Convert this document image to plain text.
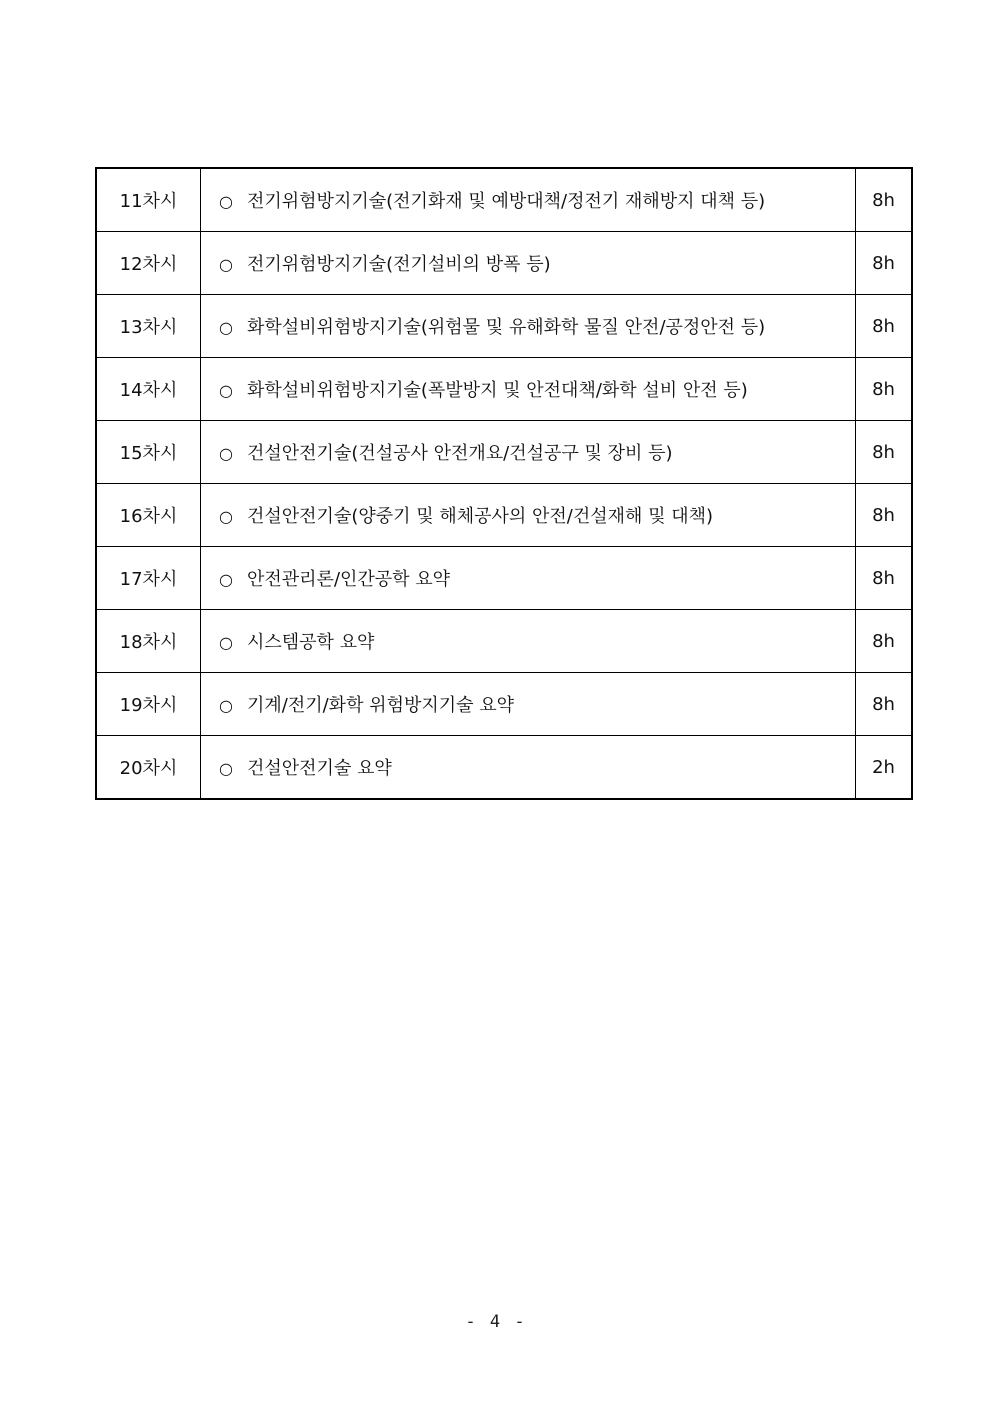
11차시	○ 전기위험방지기술(전기화재 및 예방대책/정전기 재해방지 대책 등)	8h
12차시	○ 전기위험방지기술(전기설비의 방폭 등)	8h
13차시	○ 화학설비위험방지기술(위험물 및 유해화학 물질 안전/공정안전 등)	8h
14차시	○ 화학설비위험방지기술(폭발방지 및 안전대책/화학 설비 안전 등)	8h
15차시	○ 건설안전기술(건설공사 안전개요/건설공구 및 장비 등)	8h
16차시	○ 건설안전기술(양중기 및 해체공사의 안전/건설재해 및 대책)	8h
17차시	○ 안전관리론/인간공학 요약	8h
18차시	○ 시스템공학 요약	8h
19차시	○ 기계/전기/화학 위험방지기술 요약	8h
20차시	○ 건설안전기술 요약	2h
- 4 -
